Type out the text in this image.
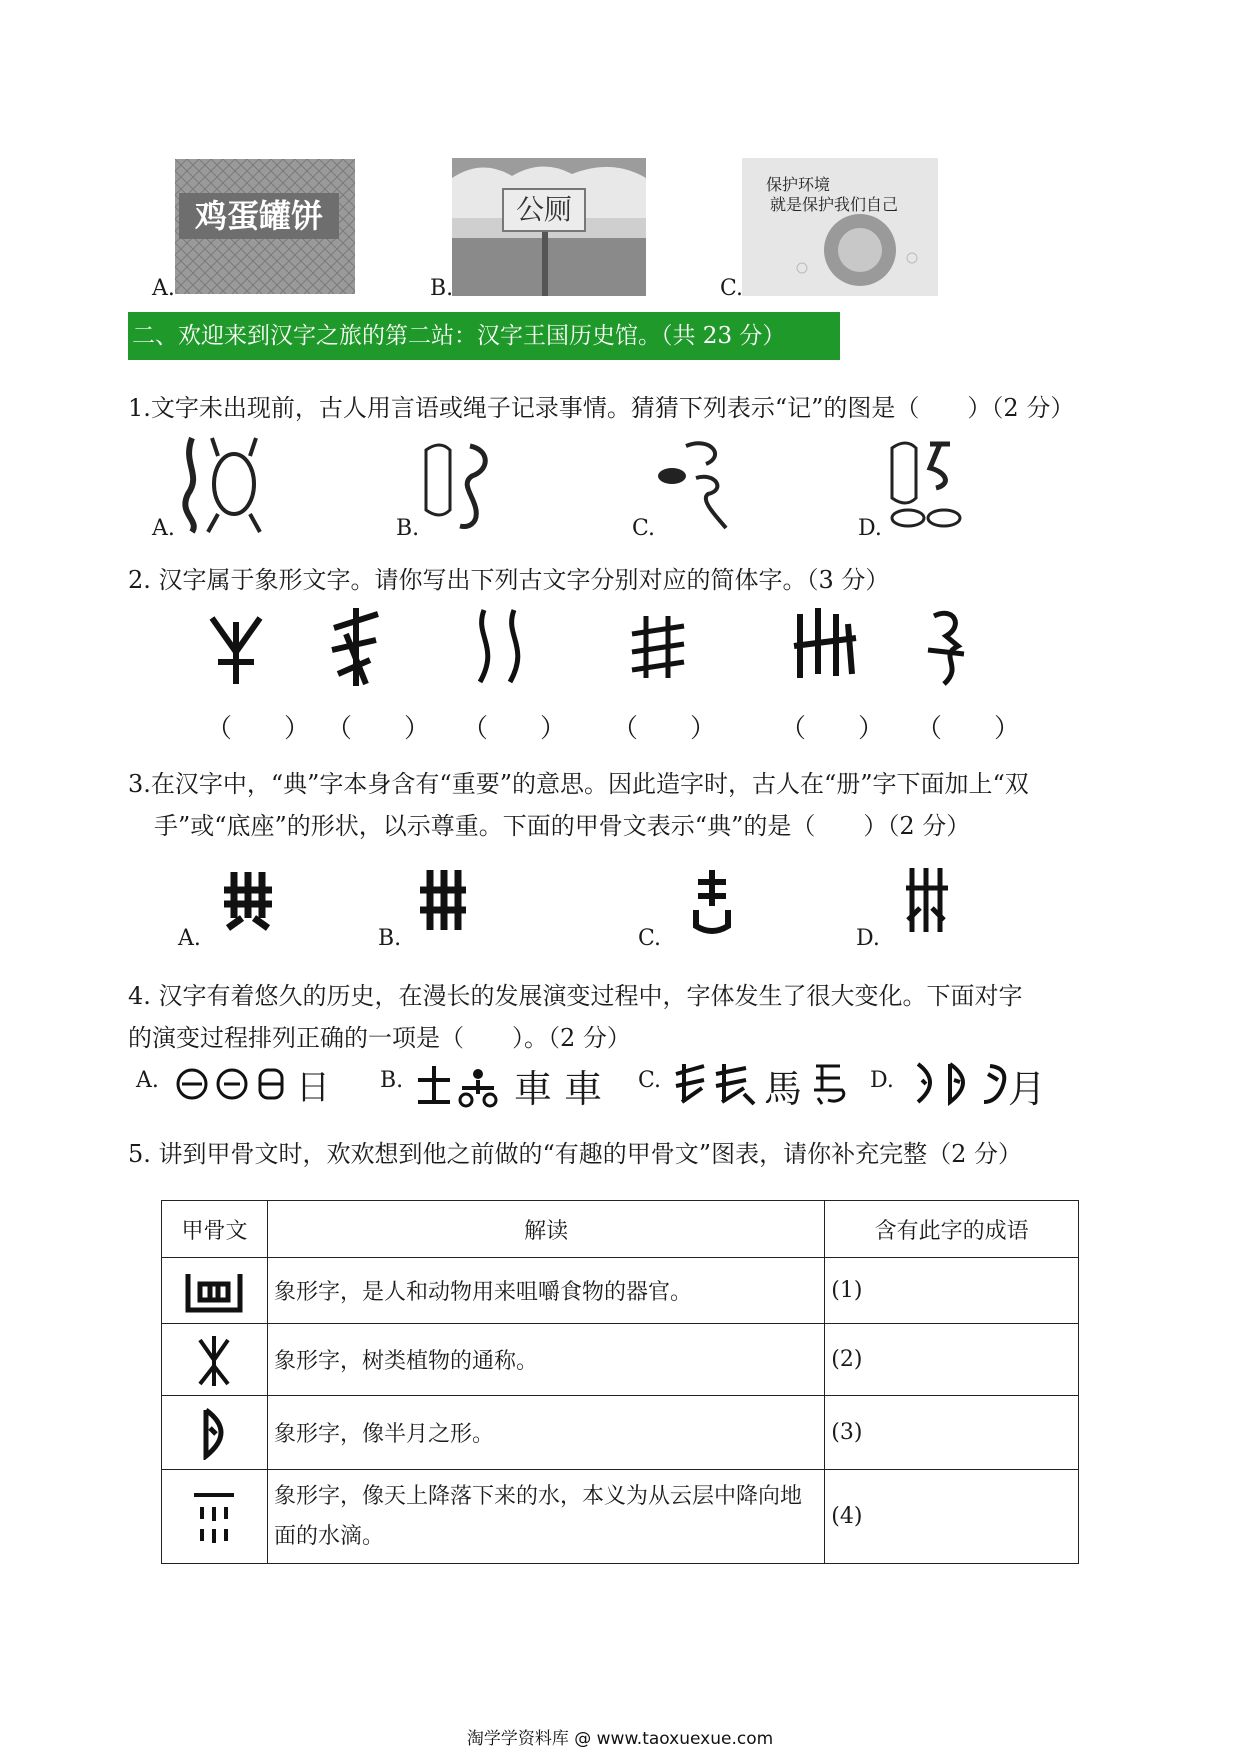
鸡蛋罐饼
A.
公厕
B.
保护环境
就是保护我们自己
C.
二、欢迎来到汉字之旅的第二站：汉字王国历史馆。（共 23 分）
1.文字未出现前，古人用言语或绳子记录事情。猜猜下列表示“记”的图是（　　）（2 分）
A.	B.	C.	D.
2. 汉字属于象形文字。请你写出下列古文字分别对应的简体字。（3 分）
（　　） （　　） （　　） （　　） （　　） （　　）
3.在汉字中，“典”字本身含有“重要”的意思。因此造字时，古人在“册”字下面加上“双
手”或“底座”的形状，以示尊重。下面的甲骨文表示“典”的是（　　）（2 分）
A.	B.	C.	D.
4. 汉字有着悠久的历史，在漫长的发展演变过程中，字体发生了很大变化。下面对字
的演变过程排列正确的一项是（　　）。（2 分）
A.	日 B.	車 車 C.	馬	D.	月
5. 讲到甲骨文时，欢欢想到他之前做的“有趣的甲骨文”图表，请你补充完整（2 分）
甲骨文	解读	含有此字的成语

	象形字，是人和动物用来咀嚼食物的器官。	(1)

	象形字，树类植物的通称。	(2)

	象形字，像半月之形。	(3)

	象形字，像天上降落下来的水，本义为从云层中降向地面的水滴。	(4)
淘学学资料库 @ www.taoxuexue.com
